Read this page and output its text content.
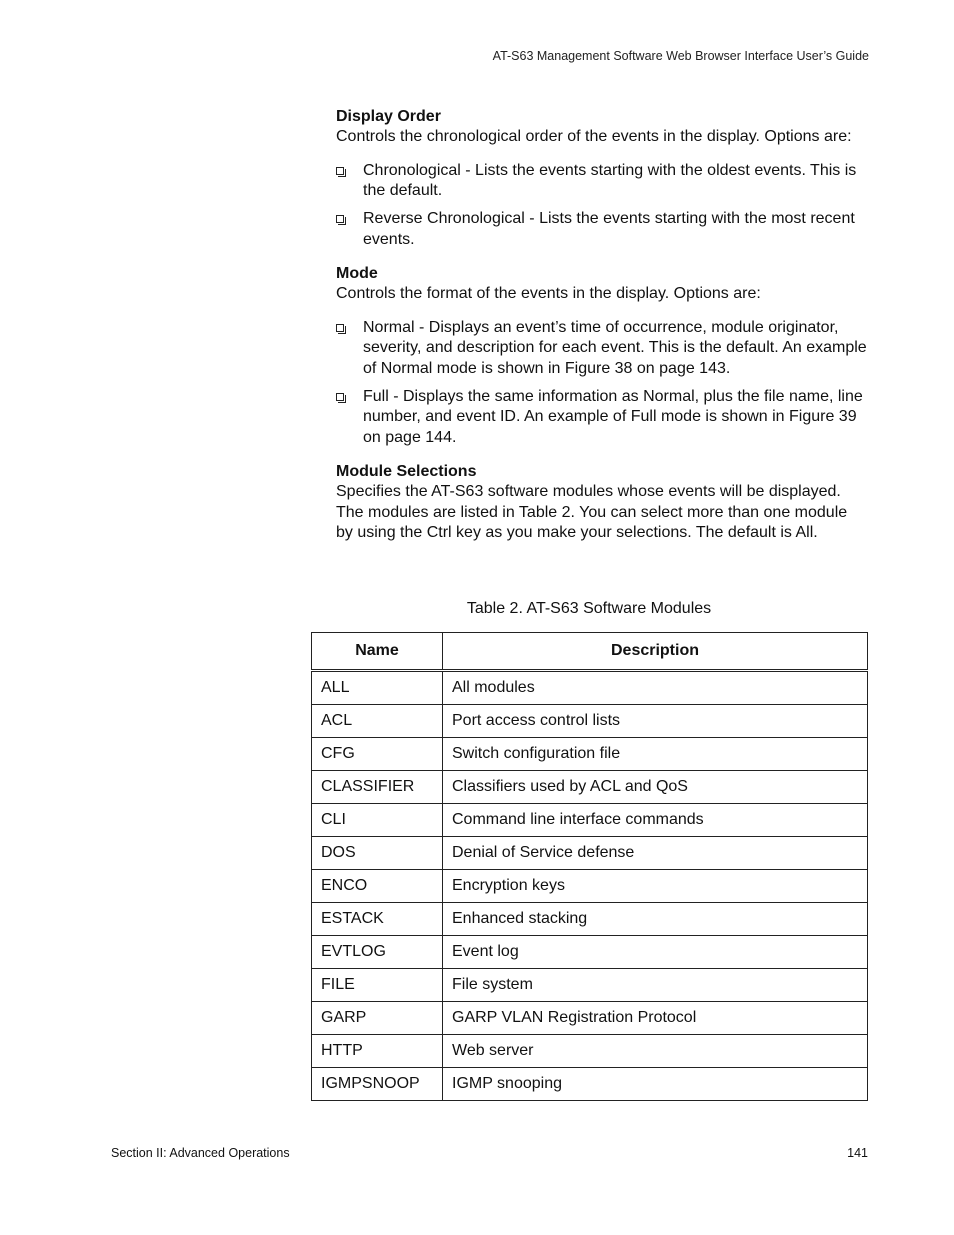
AT-S63 Management Software Web Browser Interface User’s Guide

Display Order

Controls the chronological order of the events in the display. Options are:

Chronological - Lists the events starting with the oldest events. This is the default.
Reverse Chronological - Lists the events starting with the most recent events.

Mode

Controls the format of the events in the display. Options are:

Normal - Displays an event’s time of occurrence, module originator, severity, and description for each event. This is the default. An example of Normal mode is shown in Figure 38 on page 143.
Full - Displays the same information as Normal, plus the file name, line number, and event ID. An example of Full mode is shown in Figure 39 on page 144.

Module Selections

Specifies the AT-S63 software modules whose events will be displayed. The modules are listed in Table 2. You can select more than one module by using the Ctrl key as you make your selections. The default is All.

Table 2. AT-S63 Software Modules
Name	Description
ALL	All modules
ACL	Port access control lists
CFG	Switch configuration file
CLASSIFIER	Classifiers used by ACL and QoS
CLI	Command line interface commands
DOS	Denial of Service defense
ENCO	Encryption keys
ESTACK	Enhanced stacking
EVTLOG	Event log
FILE	File system
GARP	GARP VLAN Registration Protocol
HTTP	Web server
IGMPSNOOP	IGMP snooping
Section II: Advanced Operations	141
